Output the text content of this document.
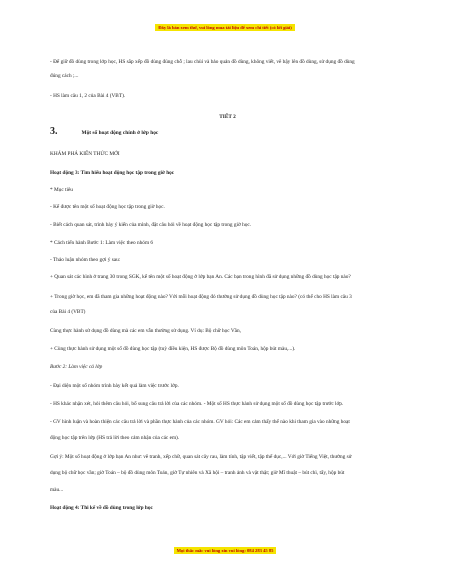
Đây là bản xem thử, vui lòng mua tài liệu để xem chi tiết (có lời giải)
- Để giữ đồ dùng trong lớp học, HS sắp xếp đồ dùng đúng chỗ ; lau chùi và bảo quản đồ dùng, không viết, vẽ bậy lên đồ dùng, sử dụng đồ dùng
đúng cách ;...
- HS làm câu 1, 2 của Bài 4 (VBT).
TIẾT 2
3.	Một số hoạt động chính ở lớp học
KHÁM PHÁ KIẾN THỨC MỚI
Hoạt động 3: Tìm hiểu hoạt động học tập trong giờ học
* Mục tiêu
- Kể được tên một số hoạt động học tập trong giờ học.
- Biết cách quan sát, trình bày ý kiến của mình, đặt câu hỏi về hoạt động học tập trong giờ học.
* Cách tiến hành Bước 1: Làm việc theo nhóm 6
- Thảo luận nhóm theo gợi ý sau:
+ Quan sát các hình ở trang 30 trong SGK, kể tên một số hoạt động ở lớp bạn An. Các bạn trong hình đã sử dụng những đồ dùng học tập nào?
+ Trong giờ học, em đã tham gia những hoạt động nào? Với mỗi hoạt động đó thường sử dụng đồ dùng học tập nào? (có thể cho HS làm câu 3
của Bài 4 (VBT)
Cùng thực hành sử dụng đồ dùng mà các em vẫn thường sử dụng. Ví dụ: Bộ chữ học Vần,
+ Cùng thực hành sử dụng một số đồ dùng học tập (tuỳ điều kiện, HS được Bộ đồ dùng môn Toán, hộp bút màu,...).
Bước 2: Làm việc cả lớp
- Đại diện một số nhóm trình bày kết quả làm việc trước lớp.
- HS khác nhận xét, hỏi thêm câu hỏi, bổ sung câu trả lời của các nhóm. - Một số HS thực hành sử dụng một số đồ dùng học tập trước lớp.
- GV hình luận và hoàn thiện các câu trả lời và phần thực hành của các nhóm. GV hỏi: Các em cảm thấy thế nào khi tham gia vào những hoạt
động học tập trên lớp (HS trả lời theo cảm nhận của các em).
Gợi ý: Một số hoạt động ở lớp bạn An như: vẽ tranh, xếp chữ, quan sát cây rau, làm tính, tập viết, tập thể dục,... Với giờ Tiếng Việt, thường sử
dụng bộ chữ học vần; giờ Toán – bộ đồ dùng môn Toán, giờ Tự nhiên và Xã hội – tranh ảnh và vật thật; giờ Mĩ thuật – bút chì, tẩy, hộp bút
màu...
Hoạt động 4: Thi kể về đồ dùng trong lớp học
Mọi thắc mắc vui lòng xin vui lòng: 084 283 45 85
